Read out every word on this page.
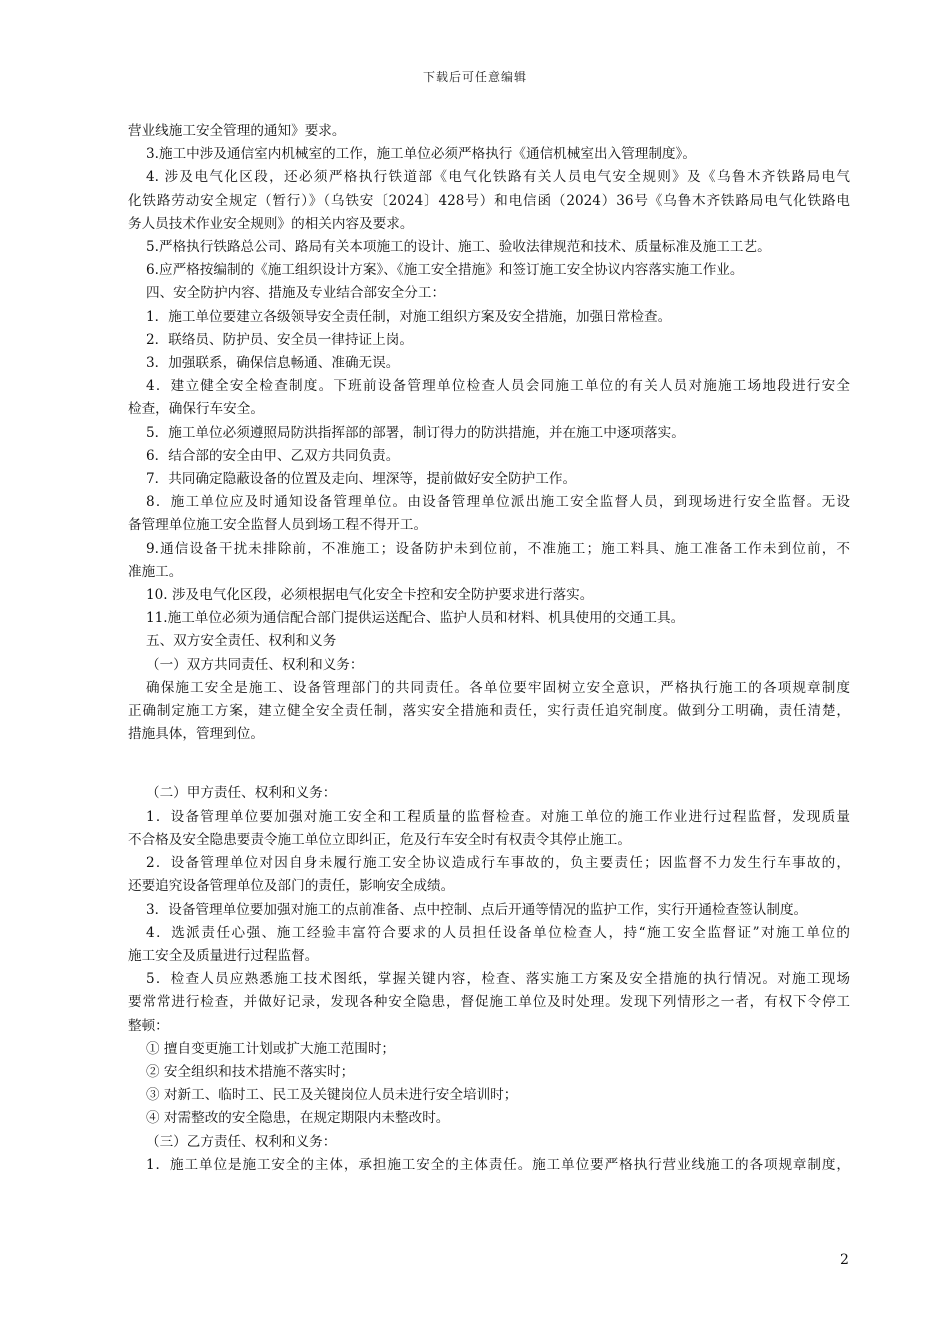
下载后可任意编辑

营业线施工安全管理的通知》要求。

3.施工中涉及通信室内机械室的工作，施工单位必须严格执行《通信机械室出入管理制度》。

4. 涉及电气化区段，还必须严格执行铁道部《电气化铁路有关人员电气安全规则》及《乌鲁木齐铁路局电气

化铁路劳动安全规定（暂行）》（乌铁安〔2024〕428号）和电信函（2024）36号《乌鲁木齐铁路局电气化铁路电

务人员技术作业安全规则》的相关内容及要求。

5.严格执行铁路总公司、路局有关本项施工的设计、施工、验收法律规范和技术、质量标准及施工工艺。

6.应严格按编制的《施工组织设计方案》、《施工安全措施》和签订施工安全协议内容落实施工作业。

四、安全防护内容、措施及专业结合部安全分工：

1．施工单位要建立各级领导安全责任制，对施工组织方案及安全措施，加强日常检查。

2．联络员、防护员、安全员一律持证上岗。

3．加强联系，确保信息畅通、准确无误。

4．建立健全安全检查制度。下班前设备管理单位检查人员会同施工单位的有关人员对施施工场地段进行安全

检查，确保行车安全。

5．施工单位必须遵照局防洪指挥部的部署，制订得力的防洪措施，并在施工中逐项落实。

6．结合部的安全由甲、乙双方共同负责。

7．共同确定隐蔽设备的位置及走向、埋深等，提前做好安全防护工作。

8．施工单位应及时通知设备管理单位。由设备管理单位派出施工安全监督人员，到现场进行安全监督。无设

备管理单位施工安全监督人员到场工程不得开工。

9.通信设备干扰未排除前，不准施工；设备防护未到位前，不准施工；施工料具、施工准备工作未到位前，不

准施工。

10. 涉及电气化区段，必须根据电气化安全卡控和安全防护要求进行落实。

11.施工单位必须为通信配合部门提供运送配合、监护人员和材料、机具使用的交通工具。

五、双方安全责任、权利和义务

（一）双方共同责任、权利和义务：

确保施工安全是施工、设备管理部门的共同责任。各单位要牢固树立安全意识，严格执行施工的各项规章制度

正确制定施工方案，建立健全安全责任制，落实安全措施和责任，实行责任追究制度。做到分工明确，责任清楚，

措施具体，管理到位。

（二）甲方责任、权利和义务：

1．设备管理单位要加强对施工安全和工程质量的监督检查。对施工单位的施工作业进行过程监督，发现质量

不合格及安全隐患要责令施工单位立即纠正，危及行车安全时有权责令其停止施工。

2．设备管理单位对因自身未履行施工安全协议造成行车事故的，负主要责任；因监督不力发生行车事故的，

还要追究设备管理单位及部门的责任，影响安全成绩。

3．设备管理单位要加强对施工的点前准备、点中控制、点后开通等情况的监护工作，实行开通检查签认制度。

4．选派责任心强、施工经验丰富符合要求的人员担任设备单位检查人，持“施工安全监督证”对施工单位的

施工安全及质量进行过程监督。

5．检查人员应熟悉施工技术图纸，掌握关键内容，检查、落实施工方案及安全措施的执行情况。对施工现场

要常常进行检查，并做好记录，发现各种安全隐患，督促施工单位及时处理。发现下列情形之一者，有权下令停工

整顿：

① 擅自变更施工计划或扩大施工范围时；

② 安全组织和技术措施不落实时；

③ 对新工、临时工、民工及关键岗位人员未进行安全培训时；

④ 对需整改的安全隐患，在规定期限内未整改时。

（三）乙方责任、权利和义务：

1．施工单位是施工安全的主体，承担施工安全的主体责任。施工单位要严格执行营业线施工的各项规章制度，

2
